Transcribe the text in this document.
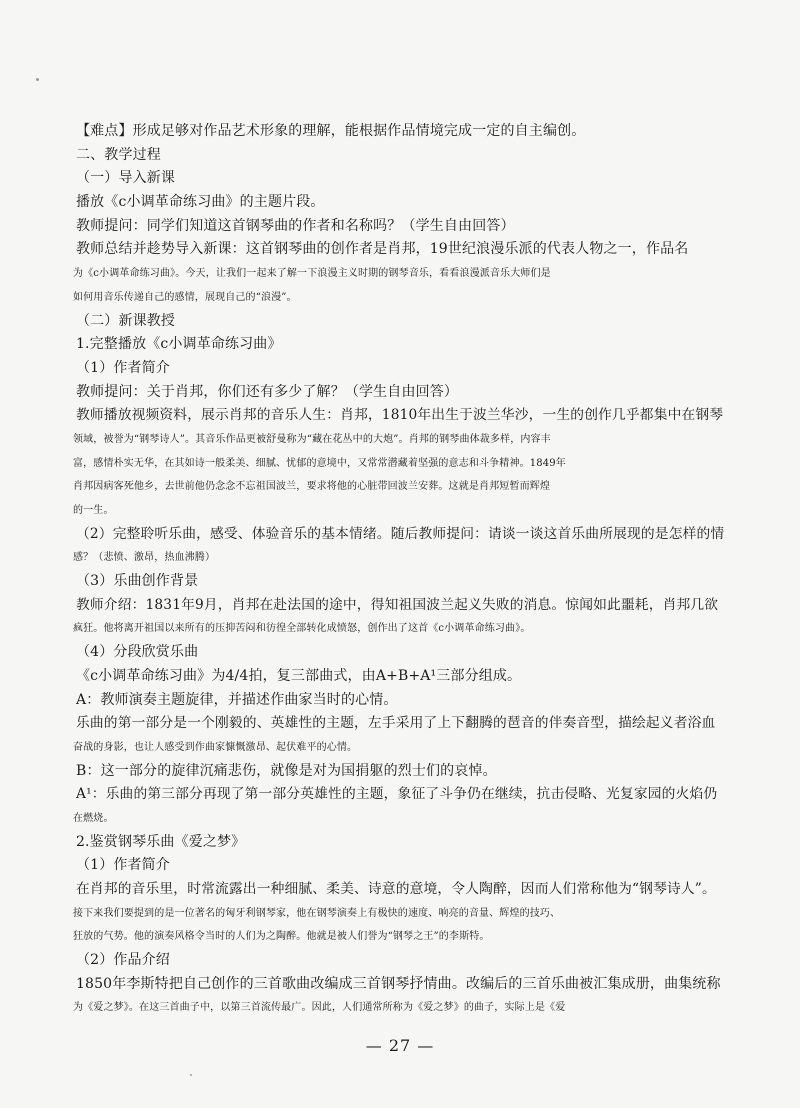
【难点】形成足够对作品艺术形象的理解，能根据作品情境完成一定的自主编创。
二、教学过程
（一）导入新课
播放《c小调革命练习曲》的主题片段。
教师提问：同学们知道这首钢琴曲的作者和名称吗？（学生自由回答）
教师总结并趁势导入新课：这首钢琴曲的创作者是肖邦，19世纪浪漫乐派的代表人物之一，作品名
为《c小调革命练习曲》。今天，让我们一起来了解一下浪漫主义时期的钢琴音乐，看看浪漫派音乐大师们是
如何用音乐传递自己的感情，展现自己的“浪漫”。
（二）新课教授
1.完整播放《c小调革命练习曲》
（1）作者简介
教师提问：关于肖邦，你们还有多少了解？（学生自由回答）
教师播放视频资料，展示肖邦的音乐人生：肖邦，1810年出生于波兰华沙，一生的创作几乎都集中在钢琴
领域，被誉为“钢琴诗人”。其音乐作品更被舒曼称为“藏在花丛中的大炮”。肖邦的钢琴曲体裁多样，内容丰
富，感情朴实无华，在其如诗一般柔美、细腻、忧郁的意境中，又常常潜藏着坚强的意志和斗争精神。1849年
肖邦因病客死他乡，去世前他仍念念不忘祖国波兰，要求将他的心脏带回波兰安葬。这就是肖邦短暂而辉煌
的一生。
（2）完整聆听乐曲，感受、体验音乐的基本情绪。随后教师提问：请谈一谈这首乐曲所展现的是怎样的情
感？（悲愤、激昂，热血沸腾）
（3）乐曲创作背景
教师介绍：1831年9月，肖邦在赴法国的途中，得知祖国波兰起义失败的消息。惊闻如此噩耗，肖邦几欲
疯狂。他将离开祖国以来所有的压抑苦闷和彷徨全部转化成愤怒，创作出了这首《c小调革命练习曲》。
（4）分段欣赏乐曲
《c小调革命练习曲》为4/4拍，复三部曲式，由A+B+A¹三部分组成。
A：教师演奏主题旋律，并描述作曲家当时的心情。
乐曲的第一部分是一个刚毅的、英雄性的主题，左手采用了上下翻腾的琶音的伴奏音型，描绘起义者浴血
奋战的身影，也让人感受到作曲家慷慨激昂、起伏难平的心情。
B：这一部分的旋律沉痛悲伤，就像是对为国捐躯的烈士们的哀悼。
A¹：乐曲的第三部分再现了第一部分英雄性的主题，象征了斗争仍在继续，抗击侵略、光复家园的火焰仍
在燃烧。
2.鉴赏钢琴乐曲《爱之梦》
（1）作者简介
在肖邦的音乐里，时常流露出一种细腻、柔美、诗意的意境，令人陶醉，因而人们常称他为“钢琴诗人”。
接下来我们要提到的是一位著名的匈牙利钢琴家，他在钢琴演奏上有极快的速度、响亮的音量、辉煌的技巧、
狂放的气势。他的演奏风格令当时的人们为之陶醉。他就是被人们誉为“钢琴之王”的李斯特。
（2）作品介绍
1850年李斯特把自己创作的三首歌曲改编成三首钢琴抒情曲。改编后的三首乐曲被汇集成册，曲集统称
为《爱之梦》。在这三首曲子中，以第三首流传最广。因此，人们通常所称为《爱之梦》的曲子，实际上是《爱
— 27 —
